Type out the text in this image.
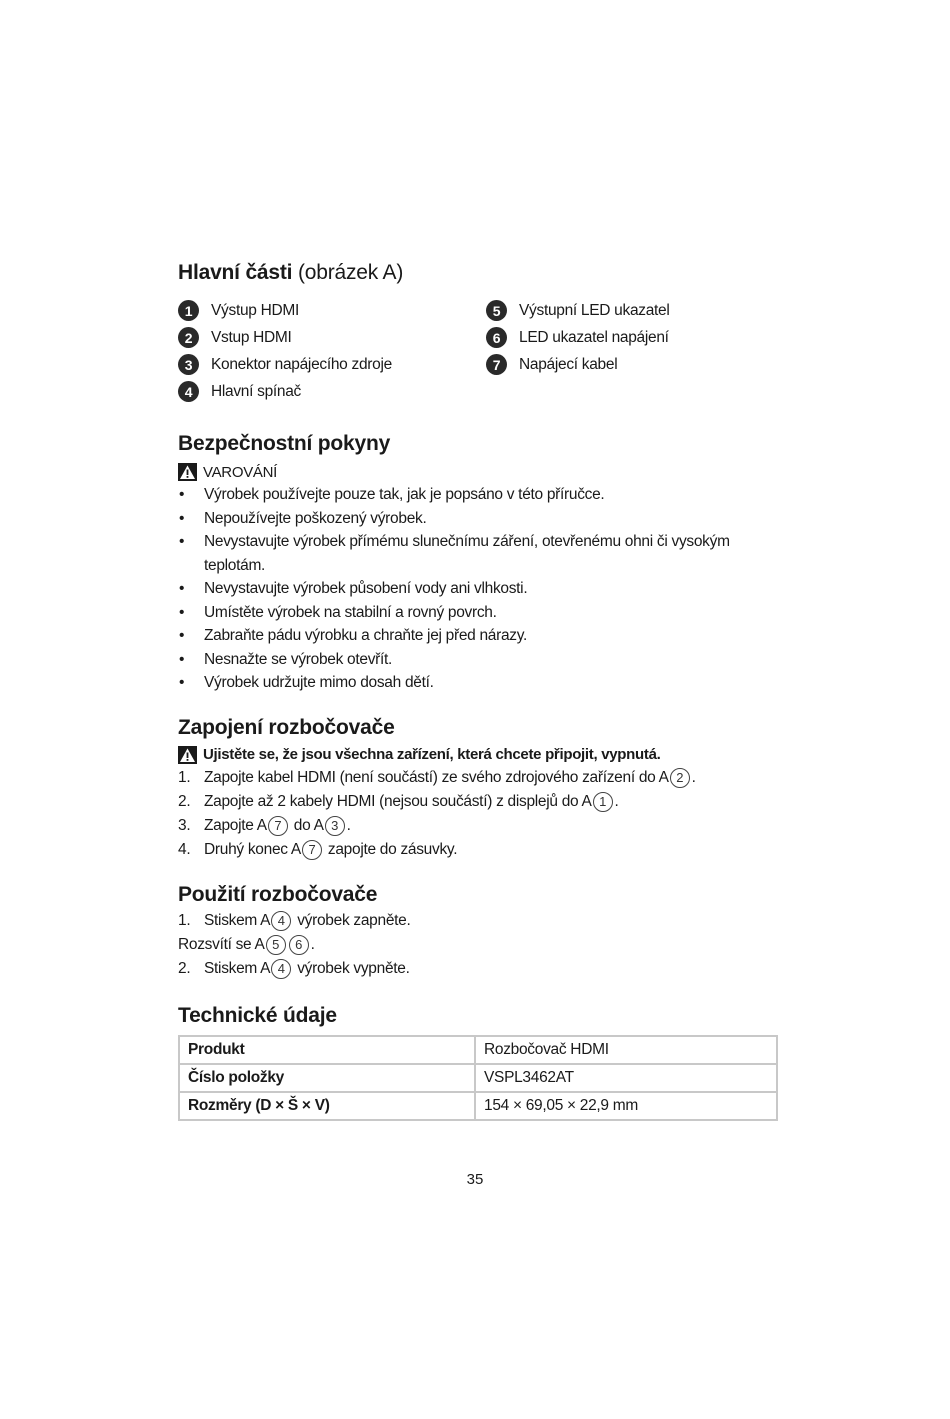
Hlavní části (obrázek A)
1	Výstup HDMI
2	Vstup HDMI
3	Konektor napájecího zdroje
4	Hlavní spínač
5	Výstupní LED ukazatel
6	LED ukazatel napájení
7	Napájecí kabel
Bezpečnostní pokyny
VAROVÁNÍ
• Výrobek používejte pouze tak, jak je popsáno v této příručce.
• Nepoužívejte poškozený výrobek.
• Nevystavujte výrobek přímému slunečnímu záření, otevřenému ohni či vysokým teplotám.
• Nevystavujte výrobek působení vody ani vlhkosti.
• Umístěte výrobek na stabilní a rovný povrch.
• Zabraňte pádu výrobku a chraňte jej před nárazy.
• Nesnažte se výrobek otevřít.
• Výrobek udržujte mimo dosah dětí.
Zapojení rozbočovače
Ujistěte se, že jsou všechna zařízení, která chcete připojit, vypnutá.
1. Zapojte kabel HDMI (není součástí) ze svého zdrojového zařízení do A 2 .
2. Zapojte až 2 kabely HDMI (nejsou součástí) z displejů do A 1 .
3. Zapojte A 7 do A 3 .
4. Druhý konec A 7 zapojte do zásuvky.
Použití rozbočovače
1. Stiskem A 4 výrobek zapněte.
Rozsvítí se A 5	6 .
2. Stiskem A 4 výrobek vypněte.
Technické údaje
Produkt	Rozbočovač HDMI
Číslo položky	VSPL3462AT
Rozměry (D × Š × V)	154 × 69,05 × 22,9 mm
35
